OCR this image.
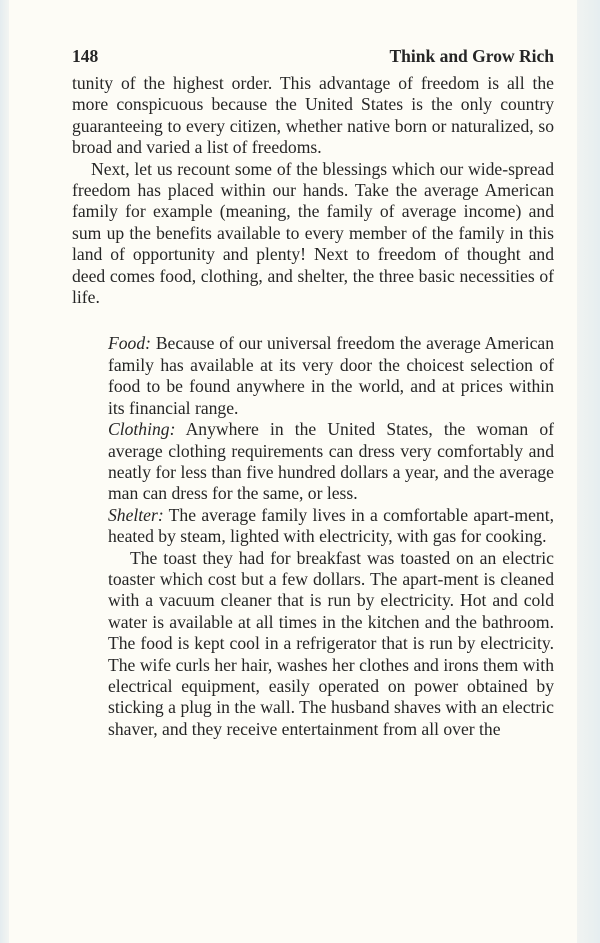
148	Think and Grow Rich

tunity of the highest order. This advantage of freedom is all the more conspicuous because the United States is the only country guaranteeing to every citizen, whether native born or naturalized, so broad and varied a list of freedoms.

Next, let us recount some of the blessings which our wide-spread freedom has placed within our hands. Take the average American family for example (meaning, the family of average income) and sum up the benefits available to every member of the family in this land of opportunity and plenty! Next to freedom of thought and deed comes food, clothing, and shelter, the three basic necessities of life.

Food: Because of our universal freedom the average American family has available at its very door the choicest selection of food to be found anywhere in the world, and at prices within its financial range.

Clothing: Anywhere in the United States, the woman of average clothing requirements can dress very comfortably and neatly for less than five hundred dollars a year, and the average man can dress for the same, or less.

Shelter: The average family lives in a comfortable apart-ment, heated by steam, lighted with electricity, with gas for cooking.

The toast they had for breakfast was toasted on an electric toaster which cost but a few dollars. The apart-ment is cleaned with a vacuum cleaner that is run by electricity. Hot and cold water is available at all times in the kitchen and the bathroom. The food is kept cool in a refrigerator that is run by electricity. The wife curls her hair, washes her clothes and irons them with electrical equipment, easily operated on power obtained by sticking a plug in the wall. The husband shaves with an electric shaver, and they receive entertainment from all over the
